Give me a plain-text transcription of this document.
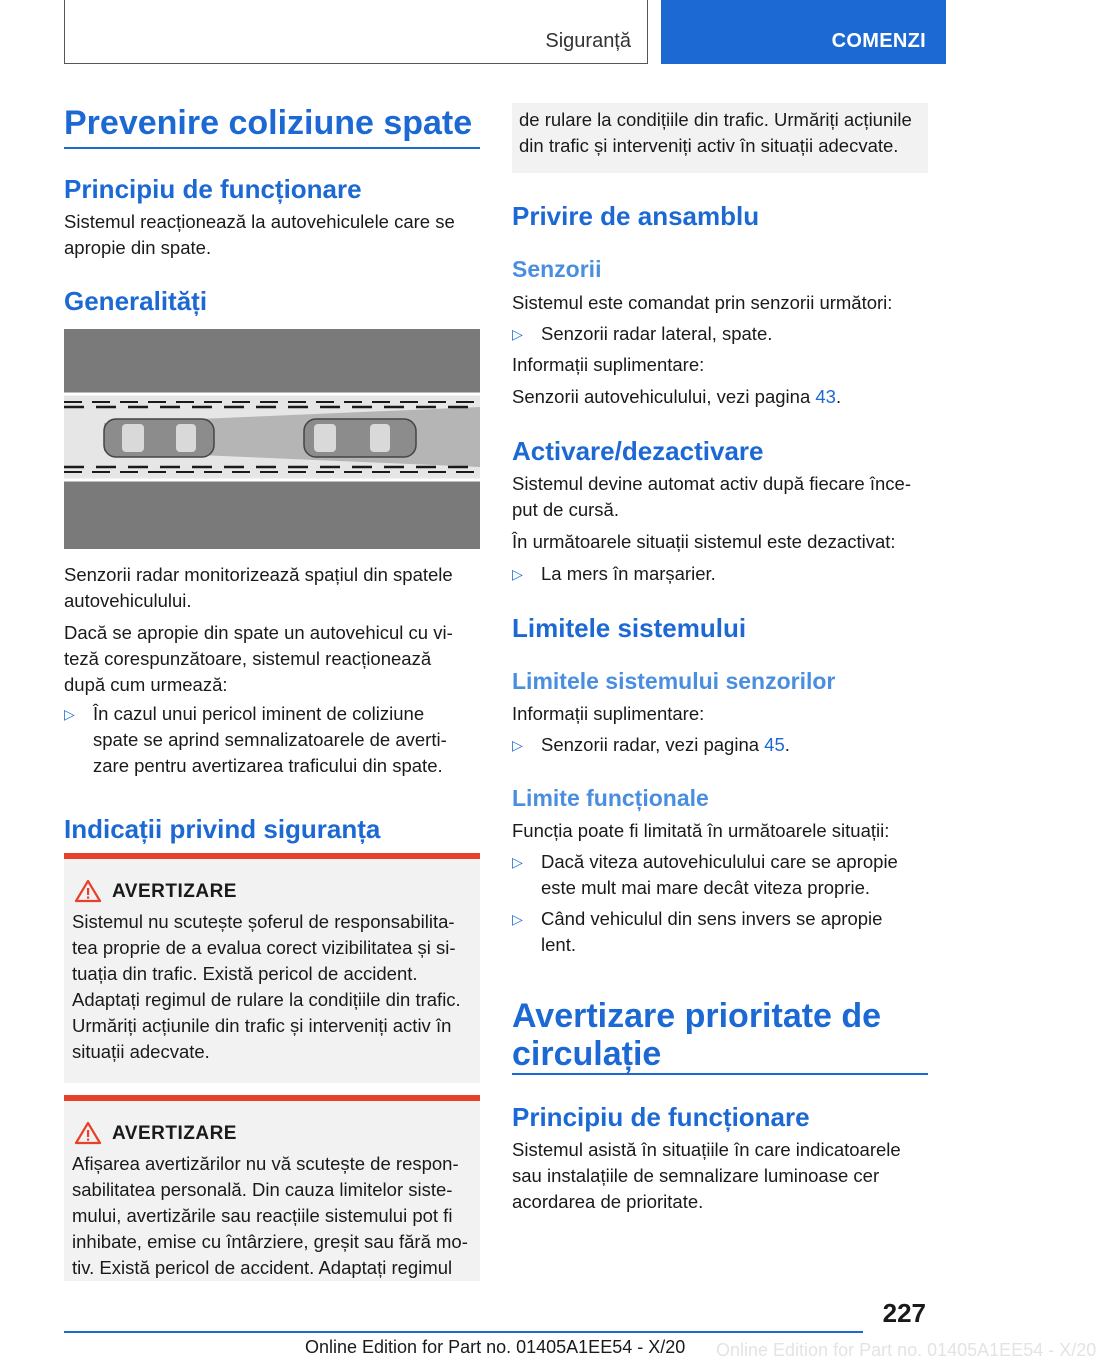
Siguranță	COMENZI
Prevenire coliziune spate
Principiu de funcționare
Sistemul reacționează la autovehiculele care se
apropie din spate.
Generalități
Senzorii radar monitorizează spațiul din spatele
autovehiculului.
Dacă se apropie din spate un autovehicul cu vi-
teză corespunzătoare, sistemul reacționează
după cum urmează:
▷ În cazul unui pericol iminent de coliziune
spate se aprind semnalizatoarele de averti-
zare pentru avertizarea traficului din spate.
Indicații privind siguranța
AVERTIZARE
Sistemul nu scutește șoferul de responsabilita-
tea proprie de a evalua corect vizibilitatea și si-
tuația din trafic. Există pericol de accident.
Adaptați regimul de rulare la condițiile din trafic.
Urmăriți acțiunile din trafic și interveniți activ în
situații adecvate.
AVERTIZARE
Afișarea avertizărilor nu vă scutește de respon-
sabilitatea personală. Din cauza limitelor siste-
mului, avertizările sau reacțiile sistemului pot fi
inhibate, emise cu întârziere, greșit sau fără mo-
tiv. Există pericol de accident. Adaptați regimul
de rulare la condițiile din trafic. Urmăriți acțiunile
din trafic și interveniți activ în situații adecvate.
Privire de ansamblu
Senzorii
Sistemul este comandat prin senzorii următori:
▷ Senzorii radar lateral, spate.
Informații suplimentare:
Senzorii autovehiculului, vezi pagina 43.
Activare/dezactivare
Sistemul devine automat activ după fiecare înce-
put de cursă.
În următoarele situații sistemul este dezactivat:
▷ La mers în marșarier.
Limitele sistemului
Limitele sistemului senzorilor
Informații suplimentare:
▷ Senzorii radar, vezi pagina 45.
Limite funcționale
Funcția poate fi limitată în următoarele situații:
▷ Dacă viteza autovehiculului care se apropie
este mult mai mare decât viteza proprie.
▷ Când vehiculul din sens invers se apropie
lent.
Avertizare prioritate de
circulație
Principiu de funcționare
Sistemul asistă în situațiile în care indicatoarele
sau instalațiile de semnalizare luminoase cer
acordarea de prioritate.
227
Online Edition for Part no. 01405A1EE54 - X/20 Online Edition for Part no. 01405A1EE54 - X/20
